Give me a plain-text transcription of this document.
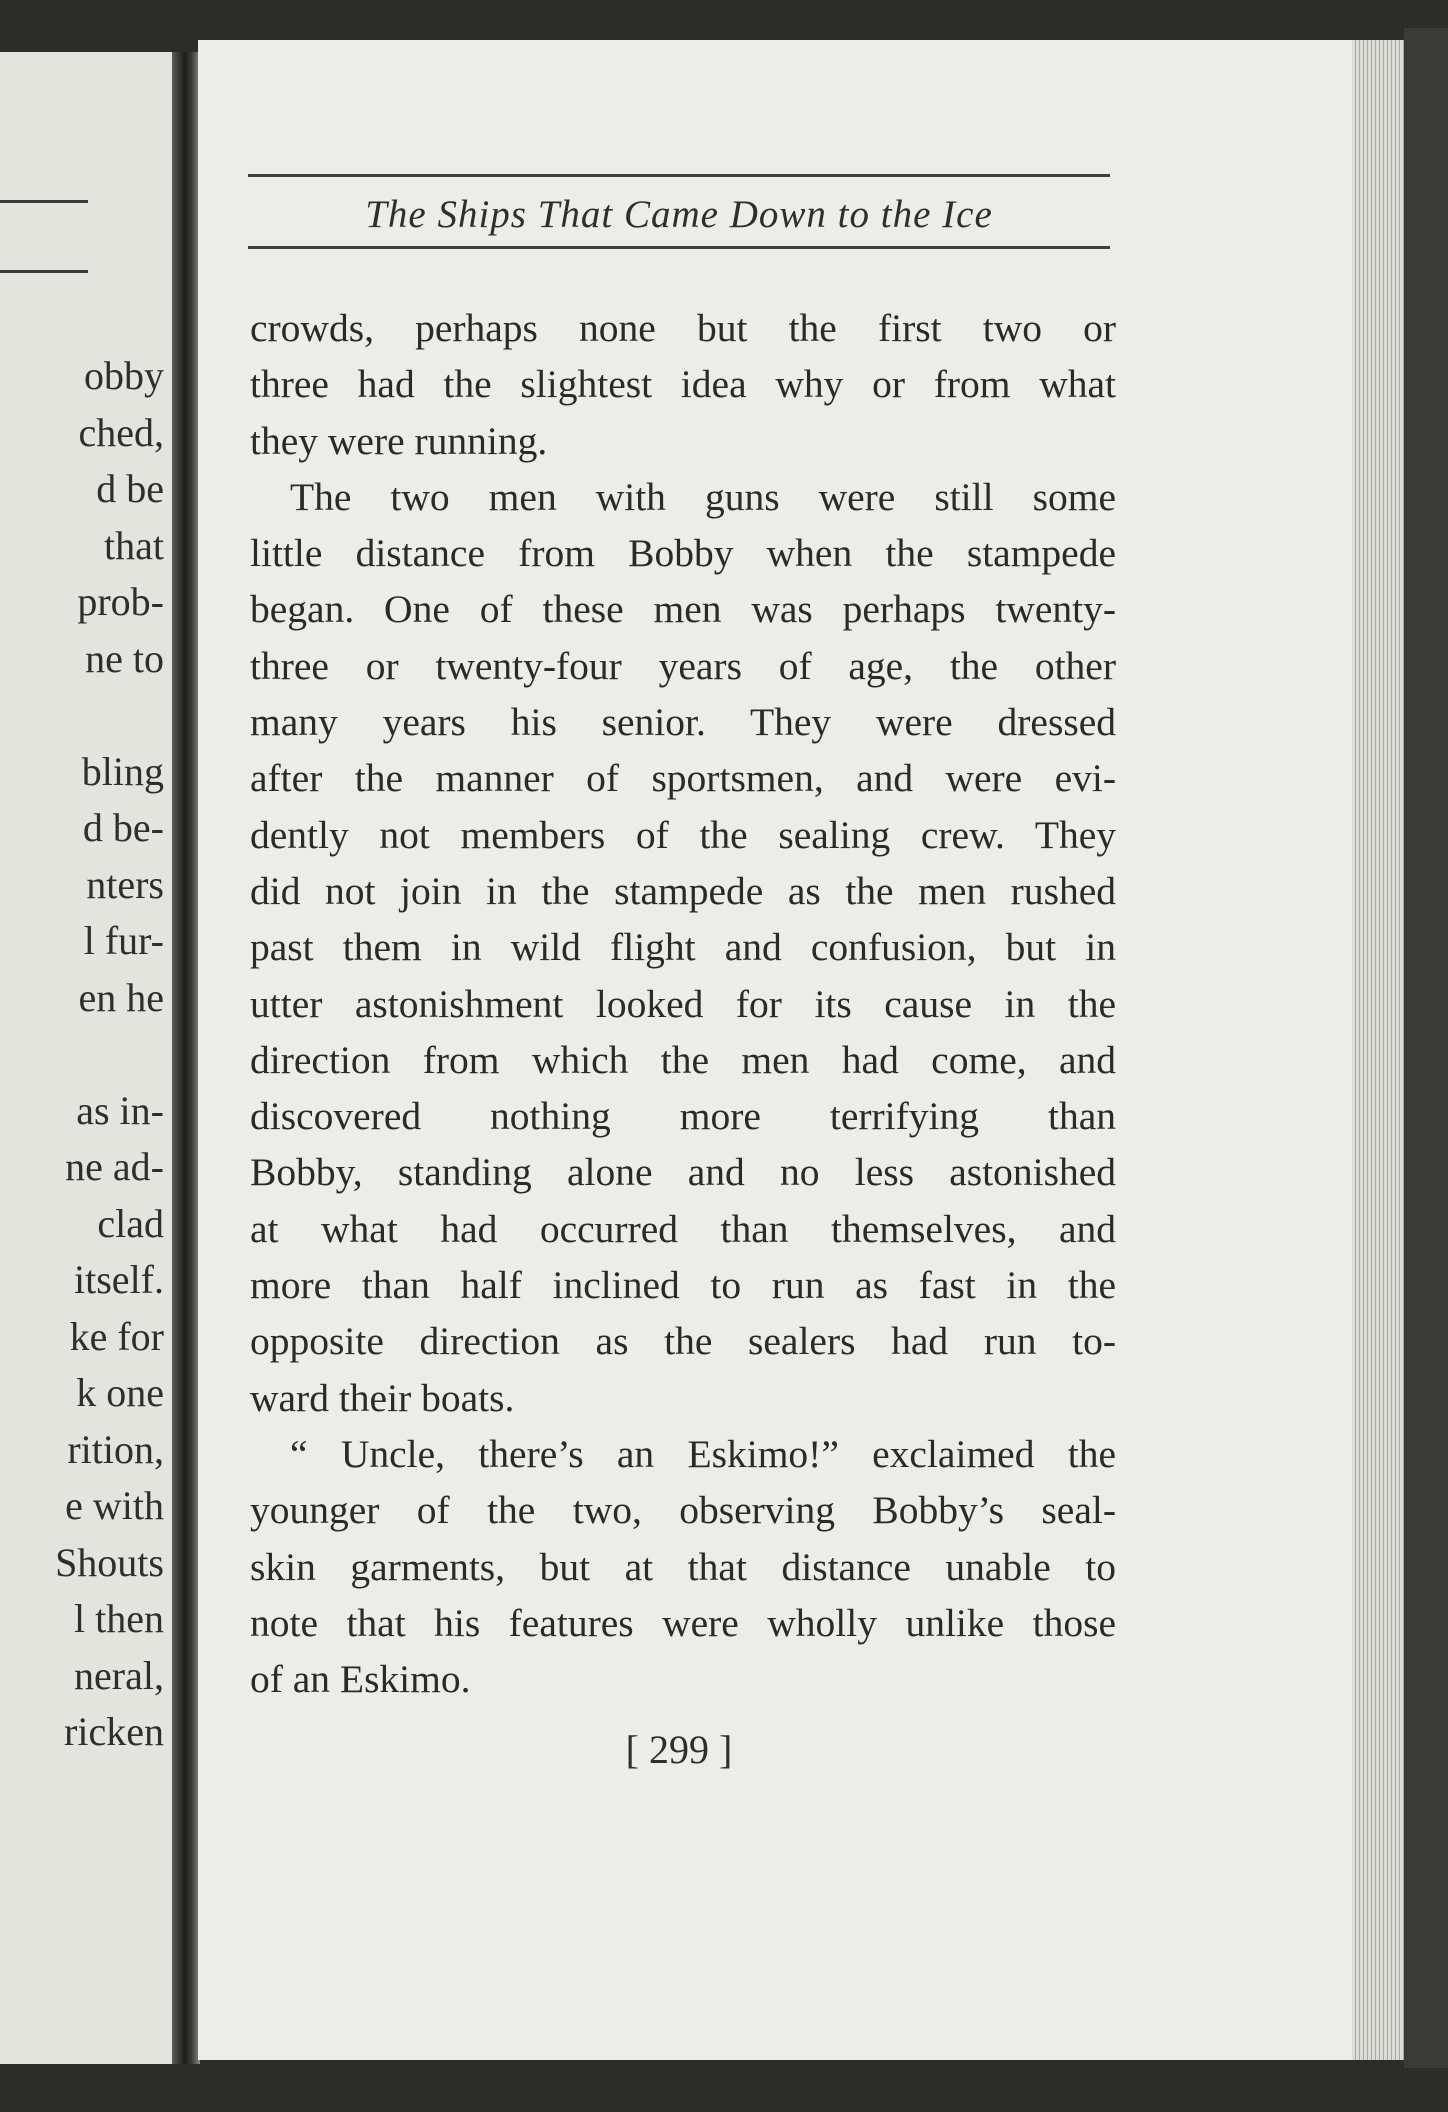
obby
ched,
d be
that
prob-
ne to
bling
d be-
nters
l fur-
en he
as in-
ne ad-
clad
itself.
ke for
k one
rition,
e with
Shouts
l then
neral,
ricken
The Ships That Came Down to the Ice
crowds, perhaps none but the first two or
three had the slightest idea why or from what
they were running.
The two men with guns were still some
little distance from Bobby when the stampede
began. One of these men was perhaps twenty-
three or twenty-four years of age, the other
many years his senior. They were dressed
after the manner of sportsmen, and were evi-
dently not members of the sealing crew. They
did not join in the stampede as the men rushed
past them in wild flight and confusion, but in
utter astonishment looked for its cause in the
direction from which the men had come, and
discovered nothing more terrifying than
Bobby, standing alone and no less astonished
at what had occurred than themselves, and
more than half inclined to run as fast in the
opposite direction as the sealers had run to-
ward their boats.
“ Uncle, there’s an Eskimo!” exclaimed the
younger of the two, observing Bobby’s seal-
skin garments, but at that distance unable to
note that his features were wholly unlike those
of an Eskimo.
[ 299 ]
